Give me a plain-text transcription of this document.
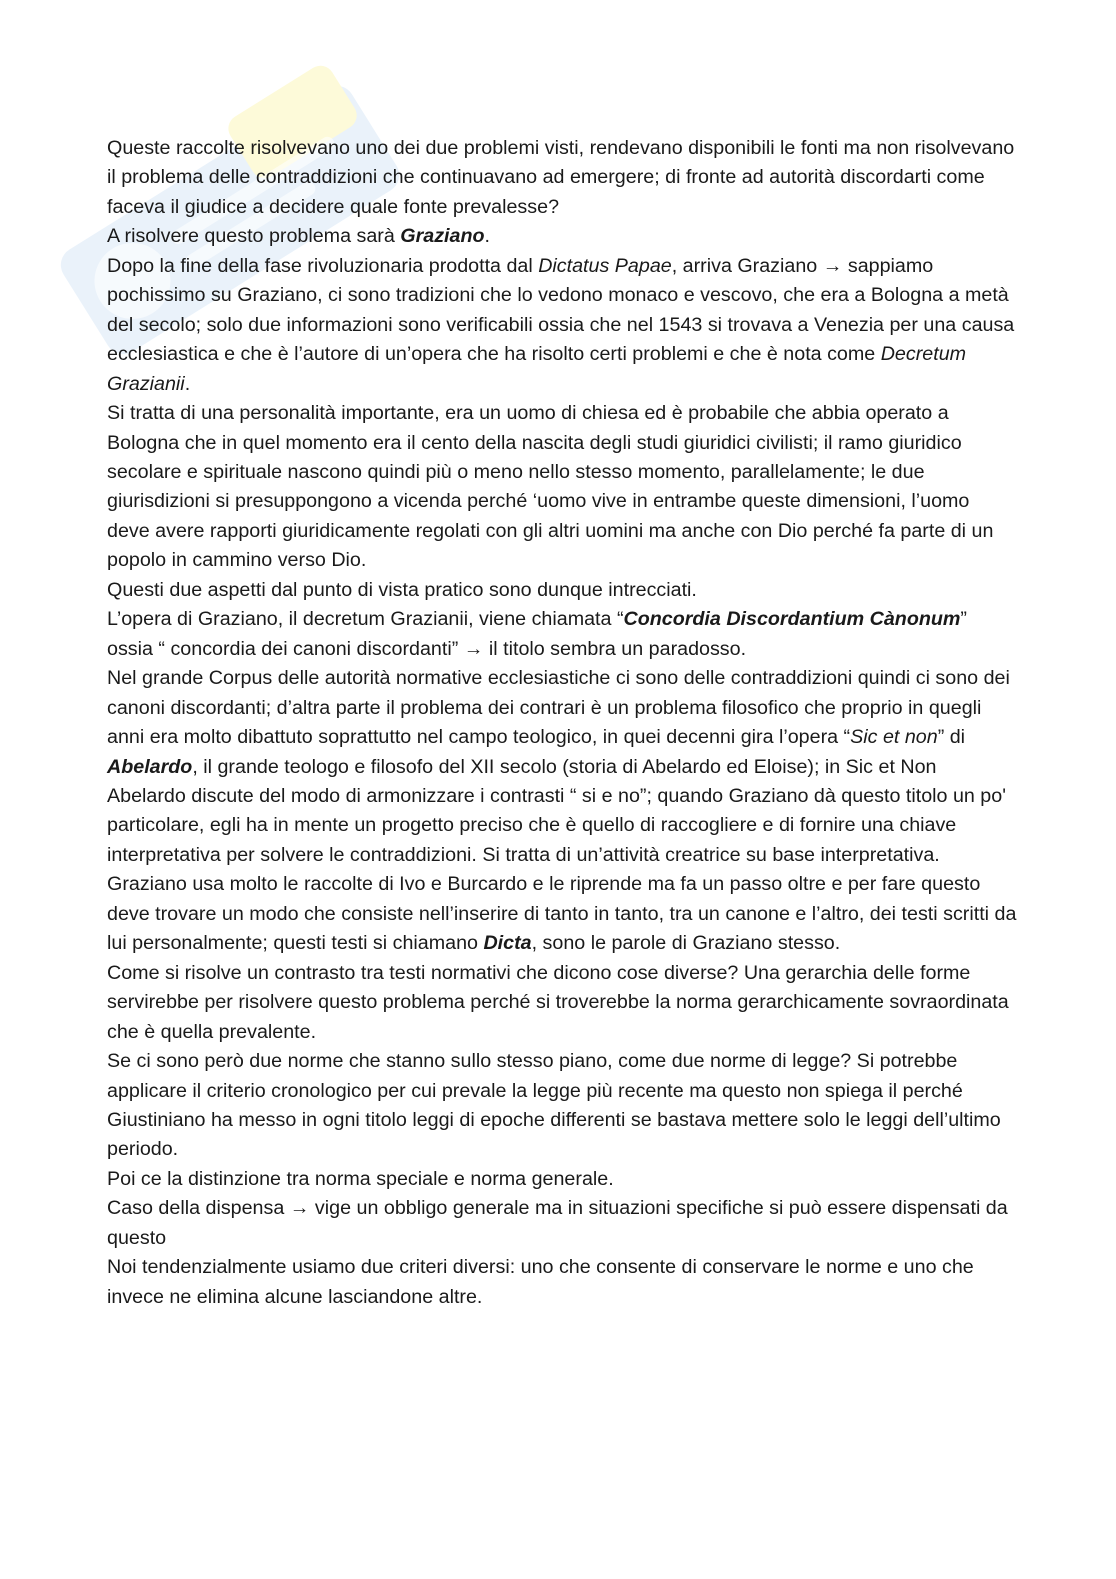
Queste raccolte risolvevano uno dei due problemi visti, rendevano disponibili le fonti ma non risolvevano il problema delle contraddizioni che continuavano ad emergere; di fronte ad autorità discordarti come faceva il giudice a decidere quale fonte prevalesse?

A risolvere questo problema sarà Graziano.

Dopo la fine della fase rivoluzionaria prodotta dal Dictatus Papae, arriva Graziano → sappiamo pochissimo su Graziano, ci sono tradizioni che lo vedono monaco e vescovo, che era a Bologna a metà del secolo; solo due informazioni sono verificabili ossia che nel 1543 si trovava a Venezia per una causa ecclesiastica e che è l’autore di un’opera che ha risolto certi problemi e che è nota come Decretum Grazianii.

Si tratta di una personalità importante, era un uomo di chiesa ed è probabile che abbia operato a Bologna che in quel momento era il cento della nascita degli studi giuridici civilisti; il ramo giuridico secolare e spirituale nascono quindi più o meno nello stesso momento, parallelamente; le due giurisdizioni si presuppongono a vicenda perché ‘uomo vive in entrambe queste dimensioni, l’uomo deve avere rapporti giuridicamente regolati con gli altri uomini ma anche con Dio perché fa parte di un popolo in cammino verso Dio.

Questi due aspetti dal punto di vista pratico sono dunque intrecciati.

L’opera di Graziano, il decretum Grazianii, viene chiamata “Concordia Discordantium Cànonum” ossia “ concordia dei canoni discordanti” → il titolo sembra un paradosso.

Nel grande Corpus delle autorità normative ecclesiastiche ci sono delle contraddizioni quindi ci sono dei canoni discordanti; d’altra parte il problema dei contrari è un problema filosofico che proprio in quegli anni era molto dibattuto soprattutto nel campo teologico, in quei decenni gira l’opera “Sic et non” di Abelardo, il grande teologo e filosofo del XII secolo (storia di Abelardo ed Eloise); in Sic et Non Abelardo discute del modo di armonizzare i contrasti “ si e no”; quando Graziano dà questo titolo un po' particolare, egli ha in mente un progetto preciso che è quello di raccogliere e di fornire una chiave interpretativa per solvere le contraddizioni. Si tratta di un’attività creatrice su base interpretativa.

Graziano usa molto le raccolte di Ivo e Burcardo e le riprende ma fa un passo oltre e per fare questo deve trovare un modo che consiste nell’inserire di tanto in tanto, tra un canone e l’altro, dei testi scritti da lui personalmente; questi testi si chiamano Dicta, sono le parole di Graziano stesso.

Come si risolve un contrasto tra testi normativi che dicono cose diverse? Una gerarchia delle forme servirebbe per risolvere questo problema perché si troverebbe la norma gerarchicamente sovraordinata che è quella prevalente.

Se ci sono però due norme che stanno sullo stesso piano, come due norme di legge? Si potrebbe applicare il criterio cronologico per cui prevale la legge più recente ma questo non spiega il perché Giustiniano ha messo in ogni titolo leggi di epoche differenti se bastava mettere solo le leggi dell’ultimo periodo.

Poi ce la distinzione tra norma speciale e norma generale.

Caso della dispensa → vige un obbligo generale ma in situazioni specifiche si può essere dispensati da questo

Noi tendenzialmente usiamo due criteri diversi: uno che consente di conservare le norme e uno che invece ne elimina alcune lasciandone altre.
